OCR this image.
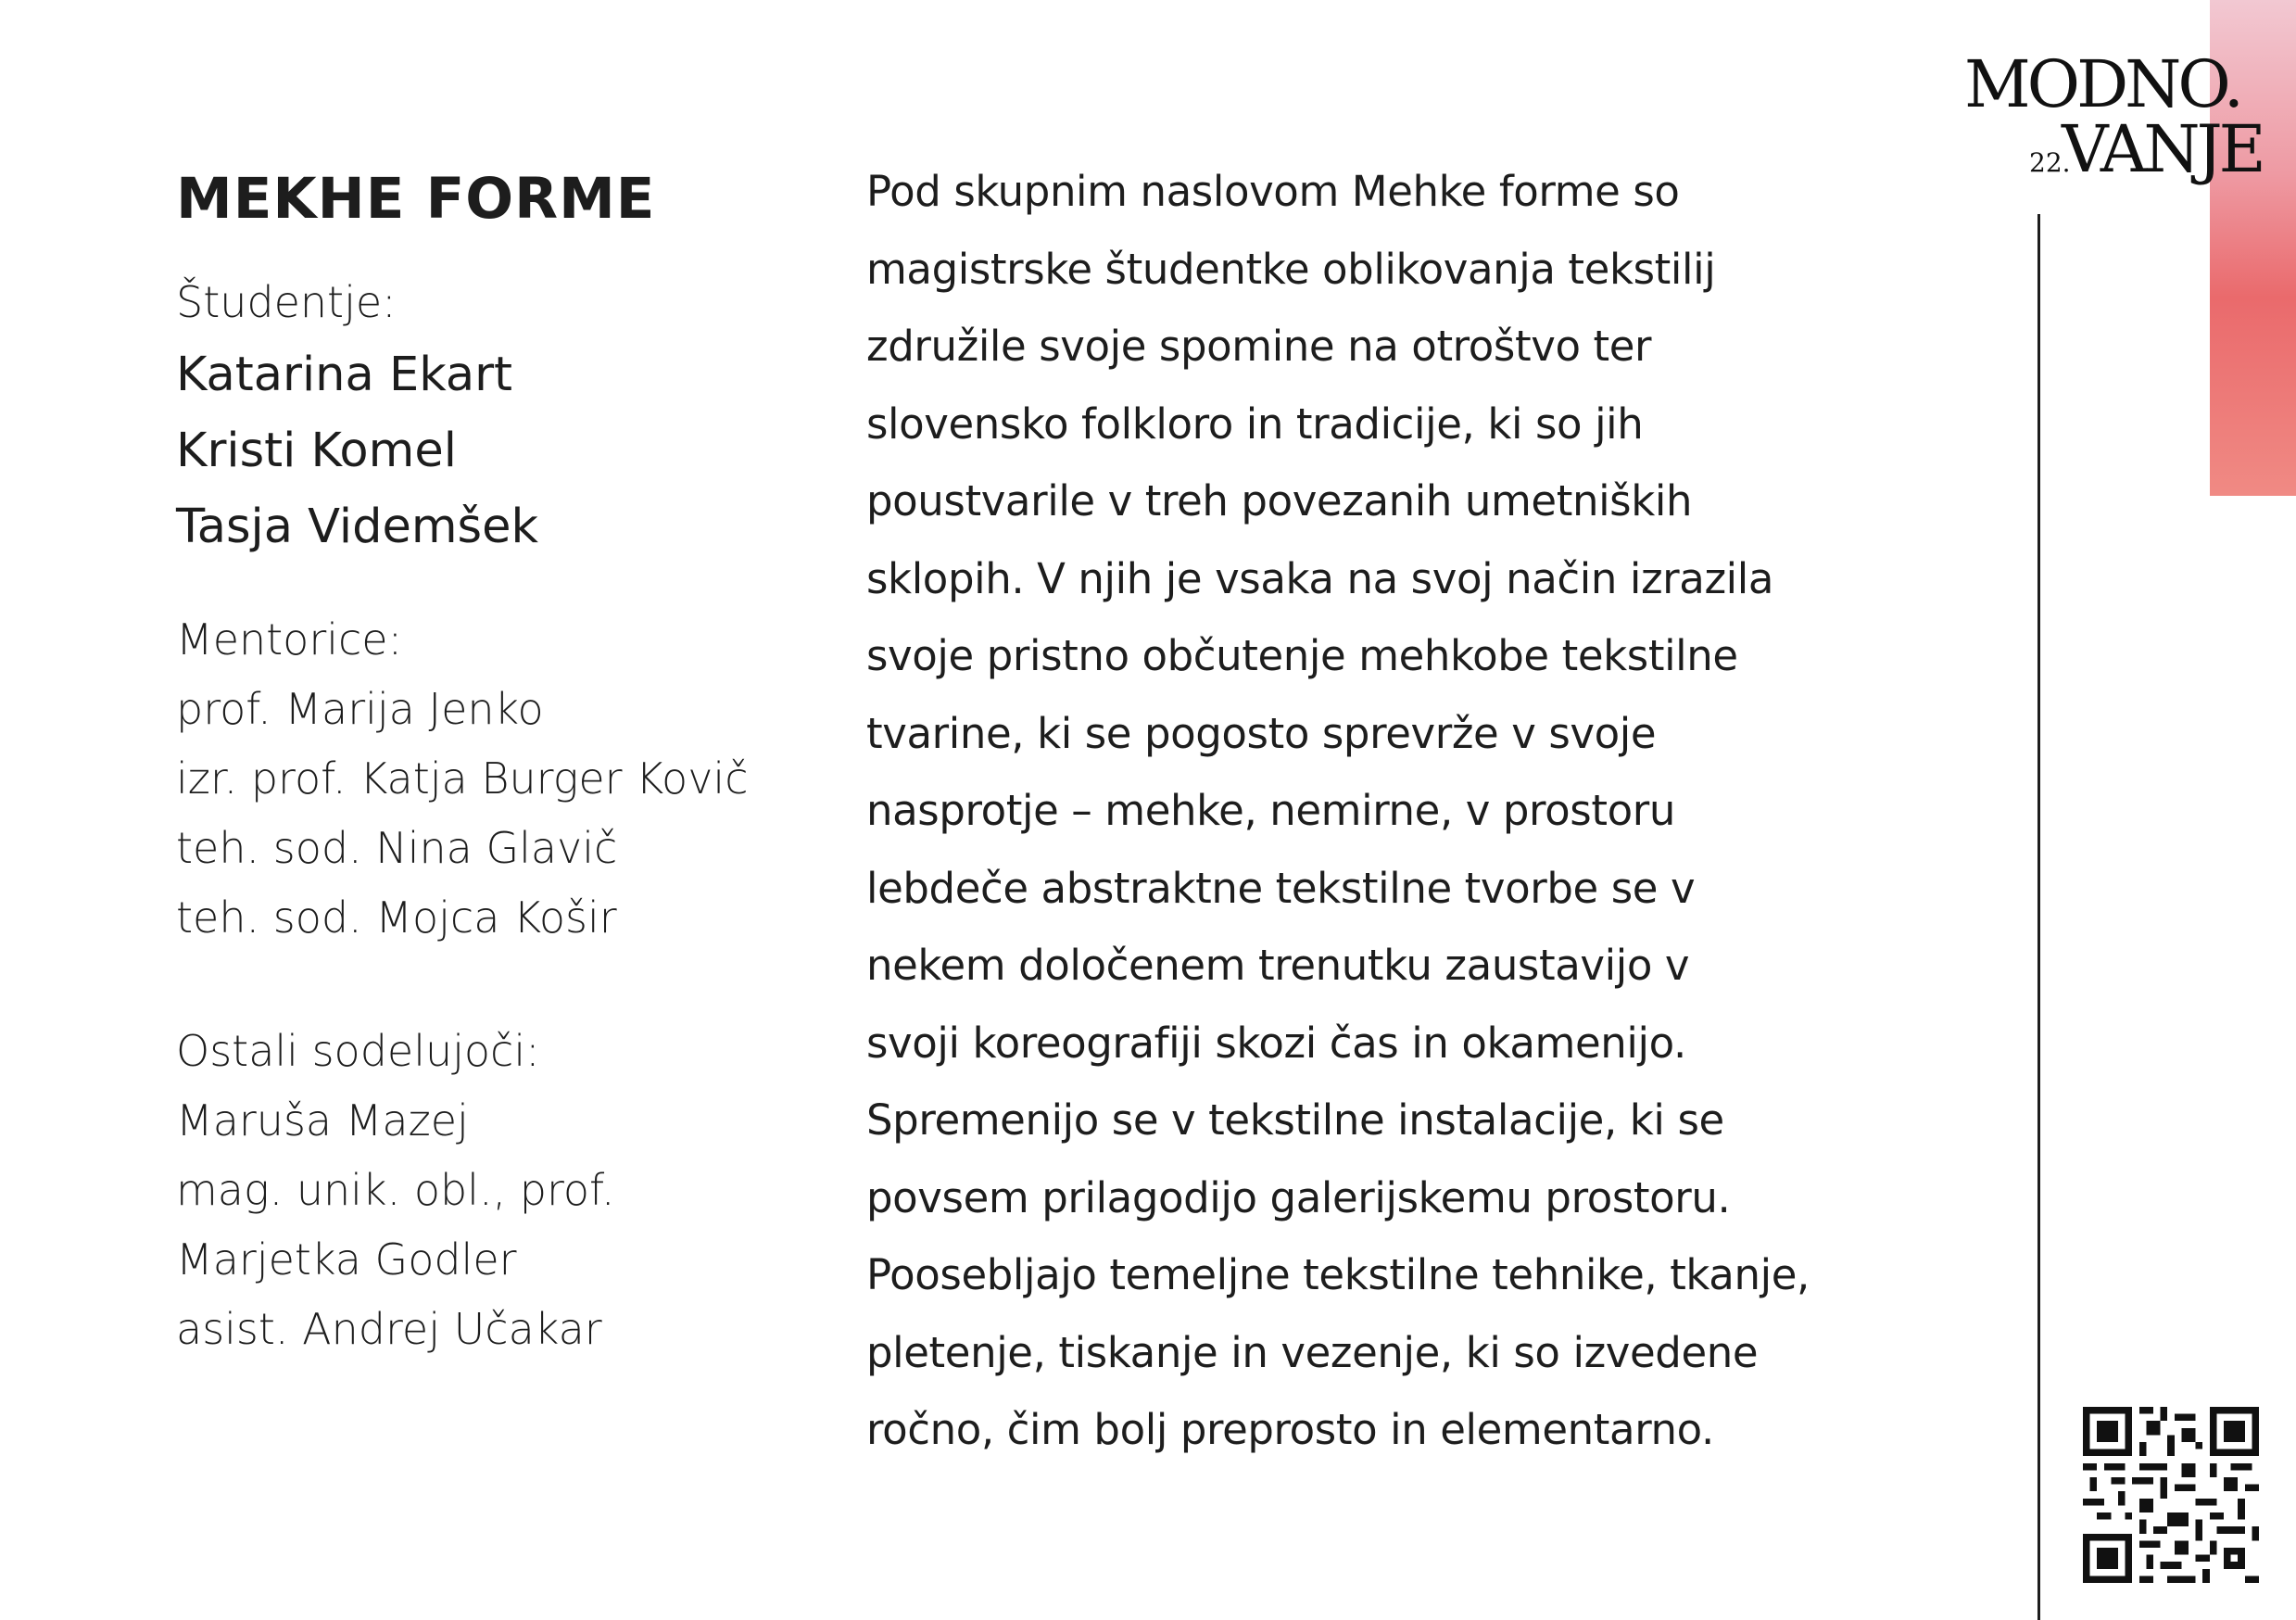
MODNO.
22.
VANJE
MEKHE FORME
Študentje:
Katarina Ekart
Kristi Komel
Tasja Videmšek
Mentorice:
prof. Marija Jenko
izr. prof. Katja Burger Kovič
teh. sod. Nina Glavič
teh. sod. Mojca Košir
Ostali sodelujoči:
Maruša Mazej
mag. unik. obl., prof.
Marjetka Godler
asist. Andrej Učakar

Pod skupnim naslovom Mehke forme so

magistrske študentke oblikovanja tekstilij

združile svoje spomine na otroštvo ter

slovensko folkloro in tradicije, ki so jih

poustvarile v treh povezanih umetniških

sklopih. V njih je vsaka na svoj način izrazila

svoje pristno občutenje mehkobe tekstilne

tvarine, ki se pogosto sprevrže v svoje

nasprotje – mehke, nemirne, v prostoru

lebdeče abstraktne tekstilne tvorbe se v

nekem določenem trenutku zaustavijo v

svoji koreografiji skozi čas in okamenijo.

Spremenijo se v tekstilne instalacije, ki se

povsem prilagodijo galerijskemu prostoru.

Poosebljajo temeljne tekstilne tehnike, tkanje,

pletenje, tiskanje in vezenje, ki so izvedene

ročno, čim bolj preprosto in elementarno.
